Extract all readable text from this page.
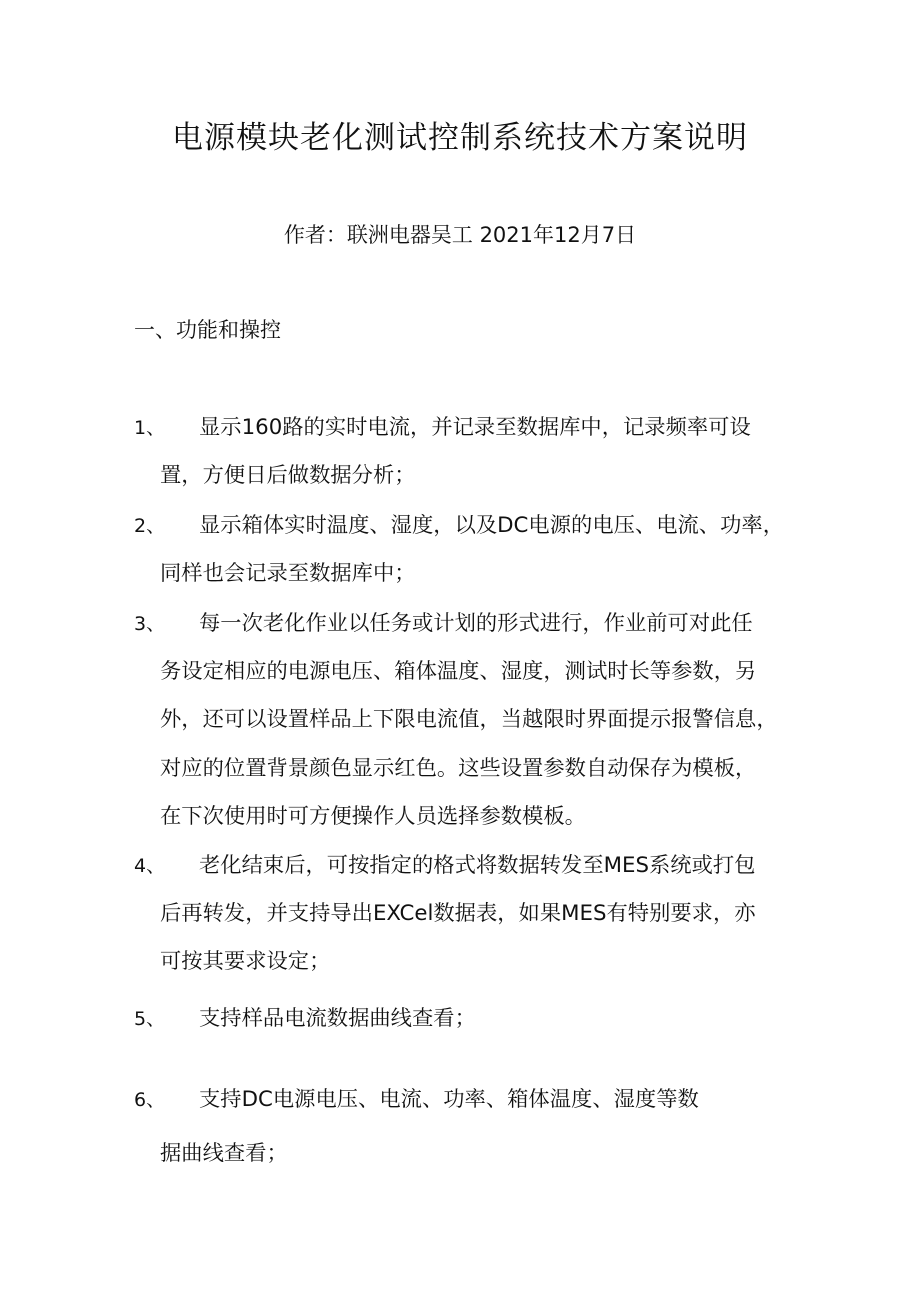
电源模块老化测试控制系统技术方案说明
作者：联洲电器吴工 2021年12月7日
一、功能和操控
1、 显示160路的实时电流，并记录至数据库中，记录频率可设
置，方便日后做数据分析；
2、 显示箱体实时温度、湿度，以及DC电源的电压、电流、功率，
同样也会记录至数据库中；
3、 每一次老化作业以任务或计划的形式进行，作业前可对此任
务设定相应的电源电压、箱体温度、湿度，测试时长等参数，另
外，还可以设置样品上下限电流值，当越限时界面提示报警信息，
对应的位置背景颜色显示红色。这些设置参数自动保存为模板，
在下次使用时可方便操作人员选择参数模板。
4、 老化结束后，可按指定的格式将数据转发至MES系统或打包
后再转发，并支持导出EXCel数据表，如果MES有特别要求，亦
可按其要求设定；
5、 支持样品电流数据曲线查看；
6、 支持DC电源电压、电流、功率、箱体温度、湿度等数
据曲线查看；
